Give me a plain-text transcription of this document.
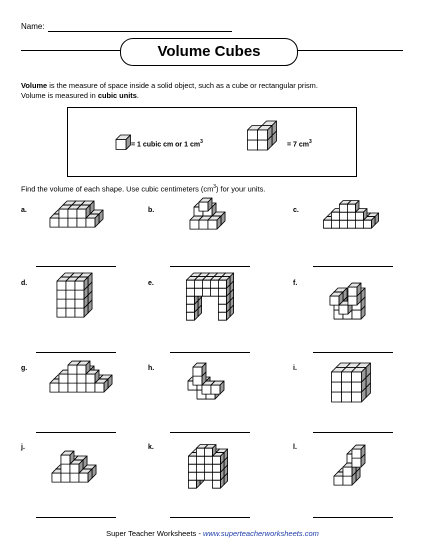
Name:
Volume Cubes
Volume is the measure of space inside a solid object, such as a cube or rectangular prism.
Volume is measured in cubic units.
= 1 cubic cm or 1 $cm^3$	= 7 $cm^3$
Find the volume of each shape. Use cubic centimeters $(cm^3)$ for your units.
a.	b.	c.
d.	e.	f.
g.	h.	i.
j.	k.	l.
Super Teacher Worksheets - www.superteacherworksheets.com
